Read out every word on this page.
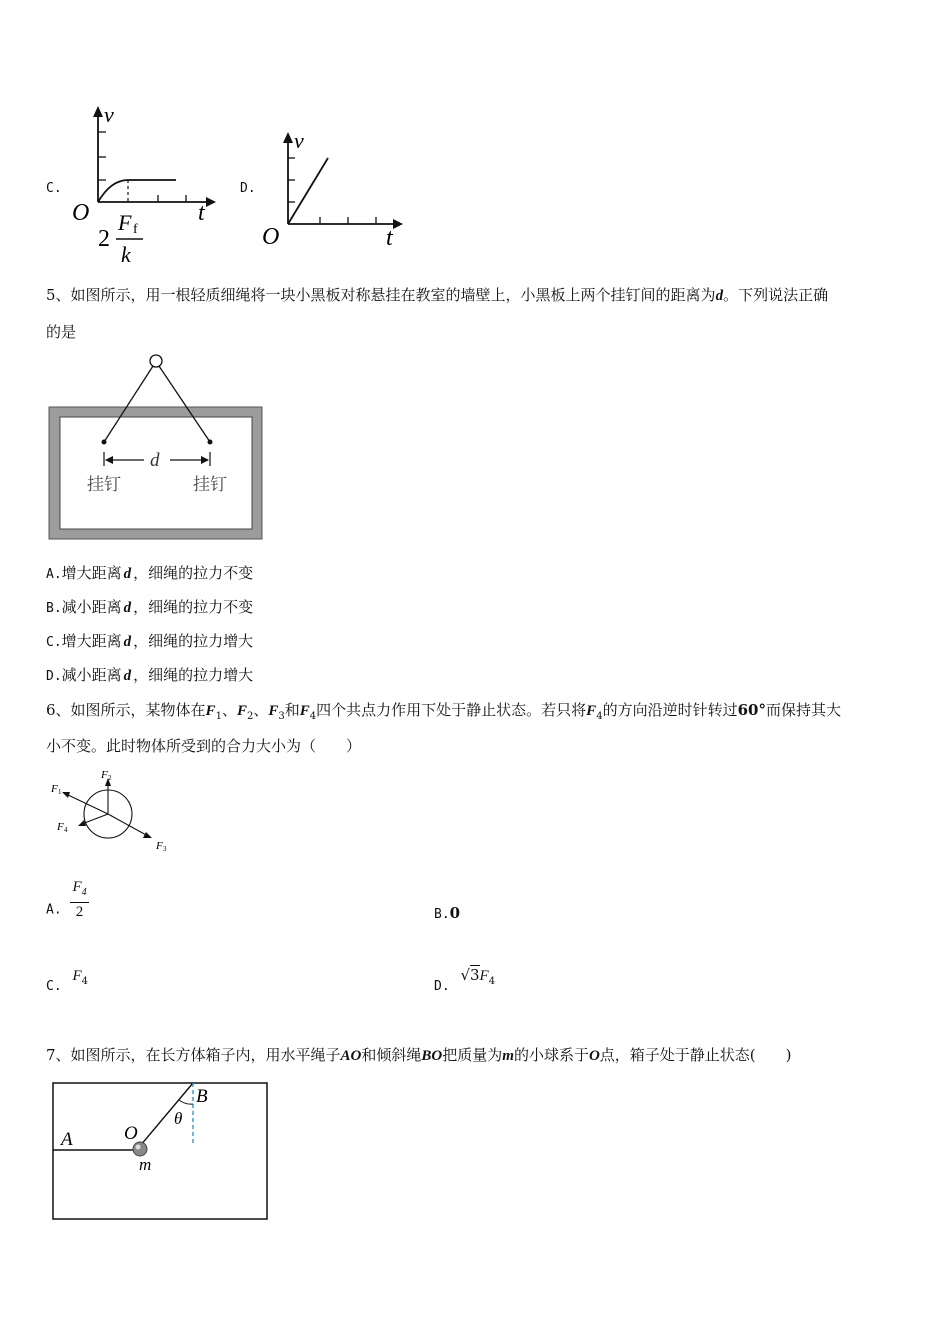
C.
v
t
O
2
F f
k
D.
v
t
O
5、如图所示，用一根轻质细绳将一块小黑板对称悬挂在教室的墙壁上，小黑板上两个挂钉间的距离为d。下列说法正确
的是
d
挂钉	挂钉
A.增大距离 d ，细绳的拉力不变
B.减小距离 d ，细绳的拉力不变
C.增大距离 d ，细绳的拉力增大
D.减小距离 d ，细绳的拉力增大
6、如图所示，某物体在$F_1$、$F_2$、$F_3$和$F_4$四个共点力作用下处于静止状态。若只将$F_4$的方向沿逆时针转过60°而保持其大
小不变。此时物体所受到的合力大小为（　　）
F 1
F 2
F 3
F 4
A. $\frac{F_4}{2}$	B.0
C. $F_4$	D. $√3F_4$
7、如图所示，在长方体箱子内，用水平绳子AO和倾斜绳BO把质量为m的小球系于O点，箱子处于静止状态(　　)
B
θ
A	O
m
